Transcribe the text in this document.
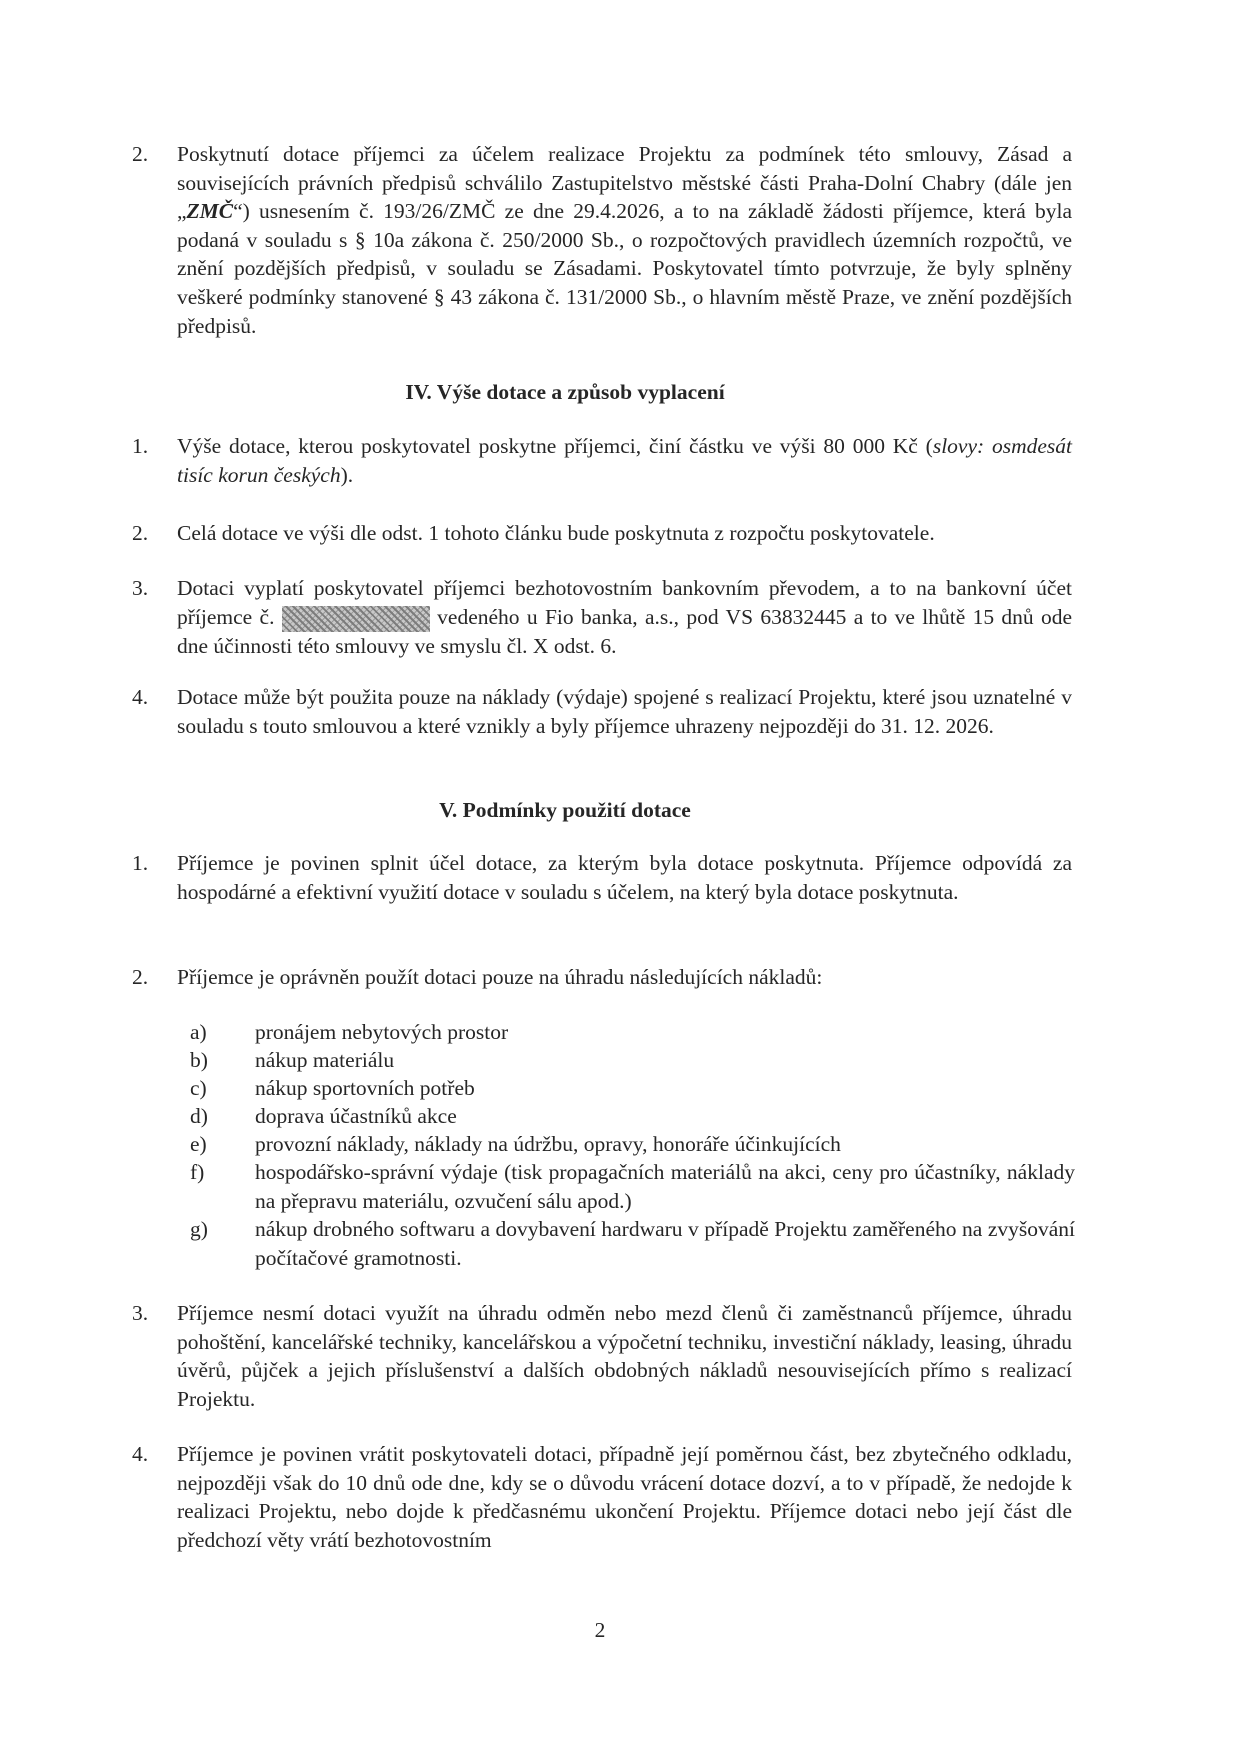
2. Poskytnutí dotace příjemci za účelem realizace Projektu za podmínek této smlouvy, Zásad a souvisejících právních předpisů schválilo Zastupitelstvo městské části Praha-Dolní Chabry (dále jen „ZMČ“) usnesením č. 193/26/ZMČ ze dne 29.4.2026, a to na základě žádosti příjemce, která byla podaná v souladu s § 10a zákona č. 250/2000 Sb., o rozpočtových pravidlech územních rozpočtů, ve znění pozdějších předpisů, v souladu se Zásadami. Poskytovatel tímto potvrzuje, že byly splněny veškeré podmínky stanovené § 43 zákona č. 131/2000 Sb., o hlavním městě Praze, ve znění pozdějších předpisů.
IV. Výše dotace a způsob vyplacení
1. Výše dotace, kterou poskytovatel poskytne příjemci, činí částku ve výši 80 000 Kč (slovy: osmdesát tisíc korun českých).
2. Celá dotace ve výši dle odst. 1 tohoto článku bude poskytnuta z rozpočtu poskytovatele.
3. Dotaci vyplatí poskytovatel příjemci bezhotovostním bankovním převodem, a to na bankovní účet příjemce č.	vedeného u Fio banka, a.s., pod VS 63832445 a to ve lhůtě 15 dnů ode dne účinnosti této smlouvy ve smyslu čl. X odst. 6.
4. Dotace může být použita pouze na náklady (výdaje) spojené s realizací Projektu, které jsou uznatelné v souladu s touto smlouvou a které vznikly a byly příjemce uhrazeny nejpozději do 31. 12. 2026.
V. Podmínky použití dotace
1. Příjemce je povinen splnit účel dotace, za kterým byla dotace poskytnuta. Příjemce odpovídá za hospodárné a efektivní využití dotace v souladu s účelem, na který byla dotace poskytnuta.
2. Příjemce je oprávněn použít dotaci pouze na úhradu následujících nákladů:
a) pronájem nebytových prostor
b) nákup materiálu
c) nákup sportovních potřeb
d) doprava účastníků akce
e) provozní náklady, náklady na údržbu, opravy, honoráře účinkujících
f) hospodářsko-správní výdaje (tisk propagačních materiálů na akci, ceny pro účastníky, náklady na přepravu materiálu, ozvučení sálu apod.)
g) nákup drobného softwaru a dovybavení hardwaru v případě Projektu zaměřeného na zvyšování počítačové gramotnosti.
3. Příjemce nesmí dotaci využít na úhradu odměn nebo mezd členů či zaměstnanců příjemce, úhradu pohoštění, kancelářské techniky, kancelářskou a výpočetní techniku, investiční náklady, leasing, úhradu úvěrů, půjček a jejich příslušenství a dalších obdobných nákladů nesouvisejících přímo s realizací Projektu.
4. Příjemce je povinen vrátit poskytovateli dotaci, případně její poměrnou část, bez zbytečného odkladu, nejpozději však do 10 dnů ode dne, kdy se o důvodu vrácení dotace dozví, a to v případě, že nedojde k realizaci Projektu, nebo dojde k předčasnému ukončení Projektu. Příjemce dotaci nebo její část dle předchozí věty vrátí bezhotovostním
2
